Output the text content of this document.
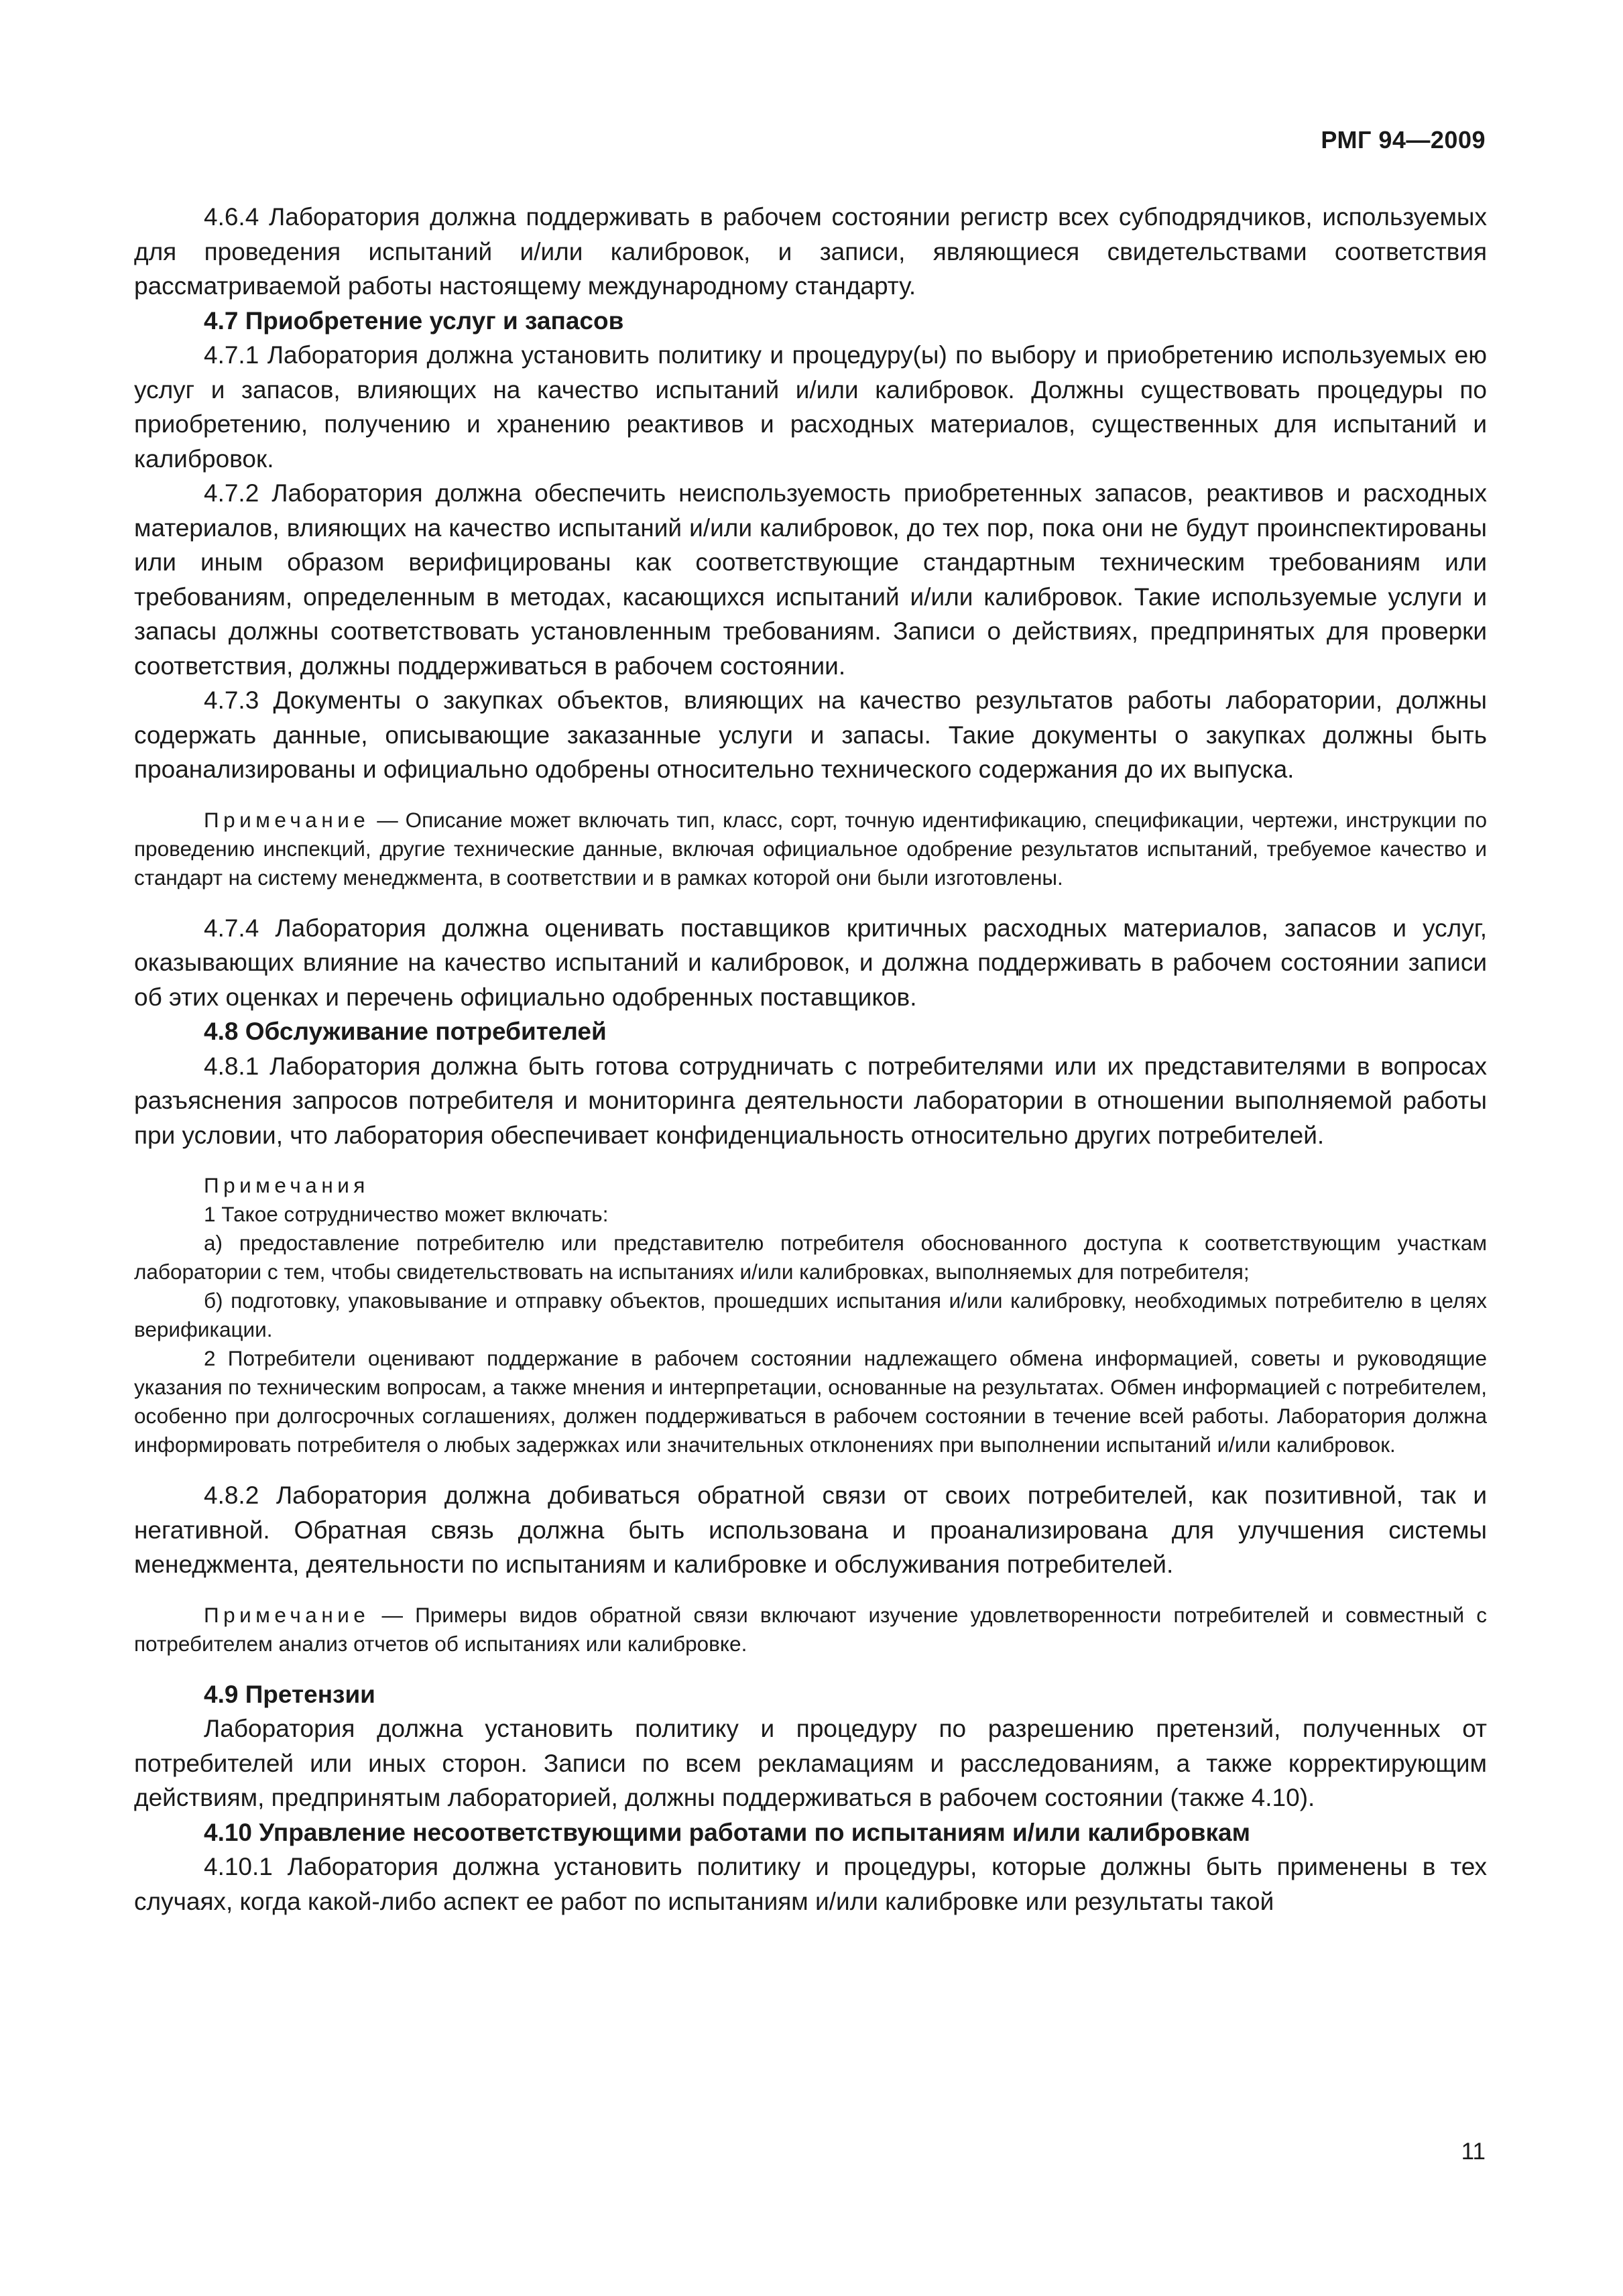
РМГ 94—2009

4.6.4 Лаборатория должна поддерживать в рабочем состоянии регистр всех субподрядчиков, используемых для проведения испытаний и/или калибровок, и записи, являющиеся свидетельствами соответствия рассматриваемой работы настоящему международному стандарту.

4.7 Приобретение услуг и запасов

4.7.1 Лаборатория должна установить политику и процедуру(ы) по выбору и приобретению используемых ею услуг и запасов, влияющих на качество испытаний и/или калибровок. Должны существовать процедуры по приобретению, получению и хранению реактивов и расходных материалов, существенных для испытаний и калибровок.

4.7.2 Лаборатория должна обеспечить неиспользуемость приобретенных запасов, реактивов и расходных материалов, влияющих на качество испытаний и/или калибровок, до тех пор, пока они не будут проинспектированы или иным образом верифицированы как соответствующие стандартным техническим требованиям или требованиям, определенным в методах, касающихся испытаний и/или калибровок. Такие используемые услуги и запасы должны соответствовать установленным требованиям. Записи о действиях, предпринятых для проверки соответствия, должны поддерживаться в рабочем состоянии.

4.7.3 Документы о закупках объектов, влияющих на качество результатов работы лаборатории, должны содержать данные, описывающие заказанные услуги и запасы. Такие документы о закупках должны быть проанализированы и официально одобрены относительно технического содержания до их выпуска.

Примечание — Описание может включать тип, класс, сорт, точную идентификацию, спецификации, чертежи, инструкции по проведению инспекций, другие технические данные, включая официальное одобрение результатов испытаний, требуемое качество и стандарт на систему менеджмента, в соответствии и в рамках которой они были изготовлены.

4.7.4 Лаборатория должна оценивать поставщиков критичных расходных материалов, запасов и услуг, оказывающих влияние на качество испытаний и калибровок, и должна поддерживать в рабочем состоянии записи об этих оценках и перечень официально одобренных поставщиков.

4.8 Обслуживание потребителей

4.8.1 Лаборатория должна быть готова сотрудничать с потребителями или их представителями в вопросах разъяснения запросов потребителя и мониторинга деятельности лаборатории в отношении выполняемой работы при условии, что лаборатория обеспечивает конфиденциальность относительно других потребителей.

Примечания

1 Такое сотрудничество может включать:

а) предоставление потребителю или представителю потребителя обоснованного доступа к соответствующим участкам лаборатории с тем, чтобы свидетельствовать на испытаниях и/или калибровках, выполняемых для потребителя;

б) подготовку, упаковывание и отправку объектов, прошедших испытания и/или калибровку, необходимых потребителю в целях верификации.

2 Потребители оценивают поддержание в рабочем состоянии надлежащего обмена информацией, советы и руководящие указания по техническим вопросам, а также мнения и интерпретации, основанные на результатах. Обмен информацией с потребителем, особенно при долгосрочных соглашениях, должен поддерживаться в рабочем состоянии в течение всей работы. Лаборатория должна информировать потребителя о любых задержках или значительных отклонениях при выполнении испытаний и/или калибровок.

4.8.2 Лаборатория должна добиваться обратной связи от своих потребителей, как позитивной, так и негативной. Обратная связь должна быть использована и проанализирована для улучшения системы менеджмента, деятельности по испытаниям и калибровке и обслуживания потребителей.

Примечание — Примеры видов обратной связи включают изучение удовлетворенности потребителей и совместный с потребителем анализ отчетов об испытаниях или калибровке.

4.9 Претензии

Лаборатория должна установить политику и процедуру по разрешению претензий, полученных от потребителей или иных сторон. Записи по всем рекламациям и расследованиям, а также корректирующим действиям, предпринятым лабораторией, должны поддерживаться в рабочем состоянии (также 4.10).

4.10 Управление несоответствующими работами по испытаниям и/или калибровкам

4.10.1 Лаборатория должна установить политику и процедуры, которые должны быть применены в тех случаях, когда какой-либо аспект ее работ по испытаниям и/или калибровке или результаты такой

11
